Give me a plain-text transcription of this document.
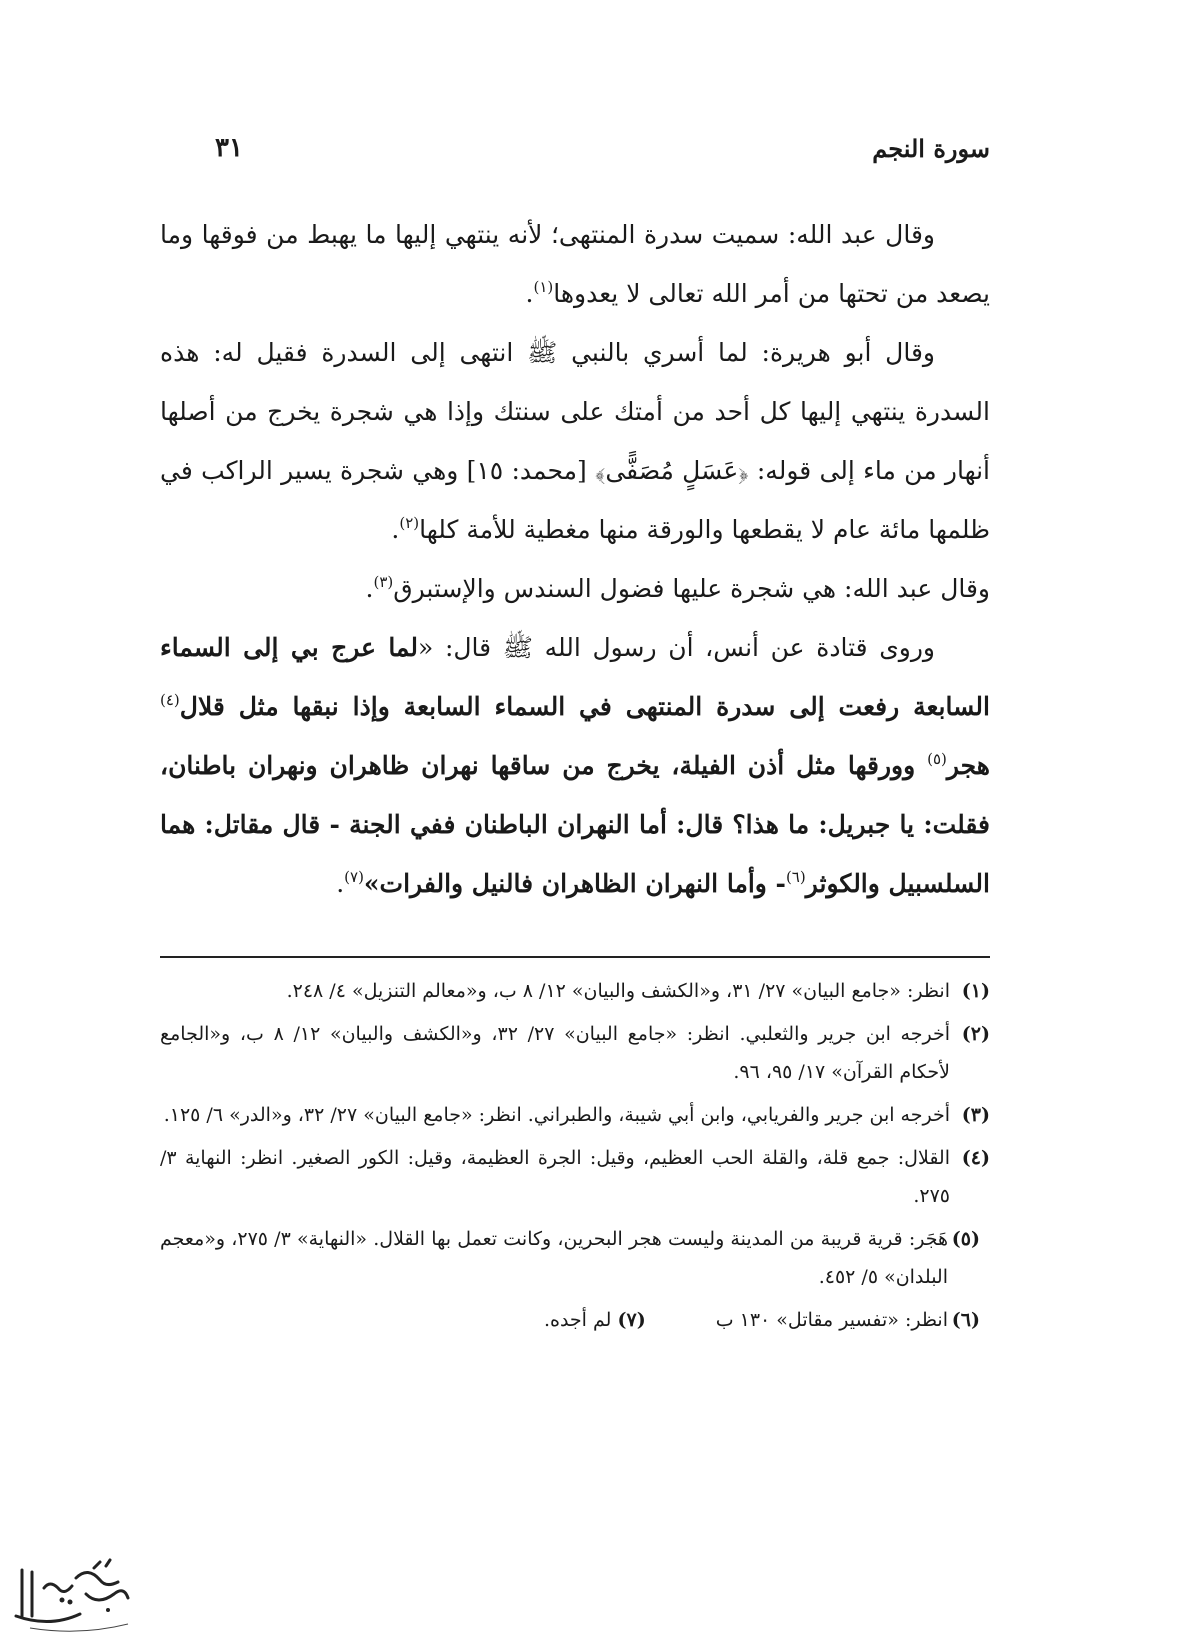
سورة النجم
٣١

وقال عبد الله: سميت سدرة المنتهى؛ لأنه ينتهي إليها ما يهبط من فوقها وما يصعد من تحتها من أمر الله تعالى لا يعدوها$^{(١)}$.

وقال أبو هريرة: لما أسري بالنبي ﷺ انتهى إلى السدرة فقيل له: هذه السدرة ينتهي إليها كل أحد من أمتك على سنتك وإذا هي شجرة يخرج من أصلها أنهار من ماء إلى قوله: ﴿عَسَلٍ مُصَفًّى﴾ [محمد: ١٥] وهي شجرة يسير الراكب في ظلمها مائة عام لا يقطعها والورقة منها مغطية للأمة كلها$^{(٢)}$.

وقال عبد الله: هي شجرة عليها فضول السندس والإستبرق$^{(٣)}$.

وروى قتادة عن أنس، أن رسول الله ﷺ قال: «لما عرج بي إلى السماء السابعة رفعت إلى سدرة المنتهى في السماء السابعة وإذا نبقها مثل قلال$^{(٤)}$ هجر$^{(٥)}$ وورقها مثل أذن الفيلة، يخرج من ساقها نهران ظاهران ونهران باطنان، فقلت: يا جبريل: ما هذا؟ قال: أما النهران الباطنان ففي الجنة - قال مقاتل: هما السلسبيل والكوثر$^{(٦)}$- وأما النهران الظاهران فالنيل والفرات»$^{(٧)}$.

(١)
انظر: «جامع البيان» ٢٧/ ٣١، و«الكشف والبيان» ١٢/ ٨ ب، و«معالم التنزيل» ٤/ ٢٤٨.
(٢)
أخرجه ابن جرير والثعلبي. انظر: «جامع البيان» ٢٧/ ٣٢، و«الكشف والبيان» ١٢/ ٨ ب، و«الجامع لأحكام القرآن» ١٧/ ٩٥، ٩٦.
(٣)
أخرجه ابن جرير والفريابي، وابن أبي شيبة، والطبراني. انظر: «جامع البيان» ٢٧/ ٣٢، و«الدر» ٦/ ١٢٥.
(٤)
القلال: جمع قلة، والقلة الحب العظيم، وقيل: الجرة العظيمة، وقيل: الكور الصغير. انظر: النهاية ٣/ ٢٧٥.
(٥)
هَجَر: قرية قريبة من المدينة وليست هجر البحرين، وكانت تعمل بها القلال. «النهاية» ٣/ ٢٧٥، و«معجم البلدان» ٥/ ٤٥٢.
(٦)
انظر: «تفسير مقاتل» ١٣٠ ب(٧) لم أجده.
